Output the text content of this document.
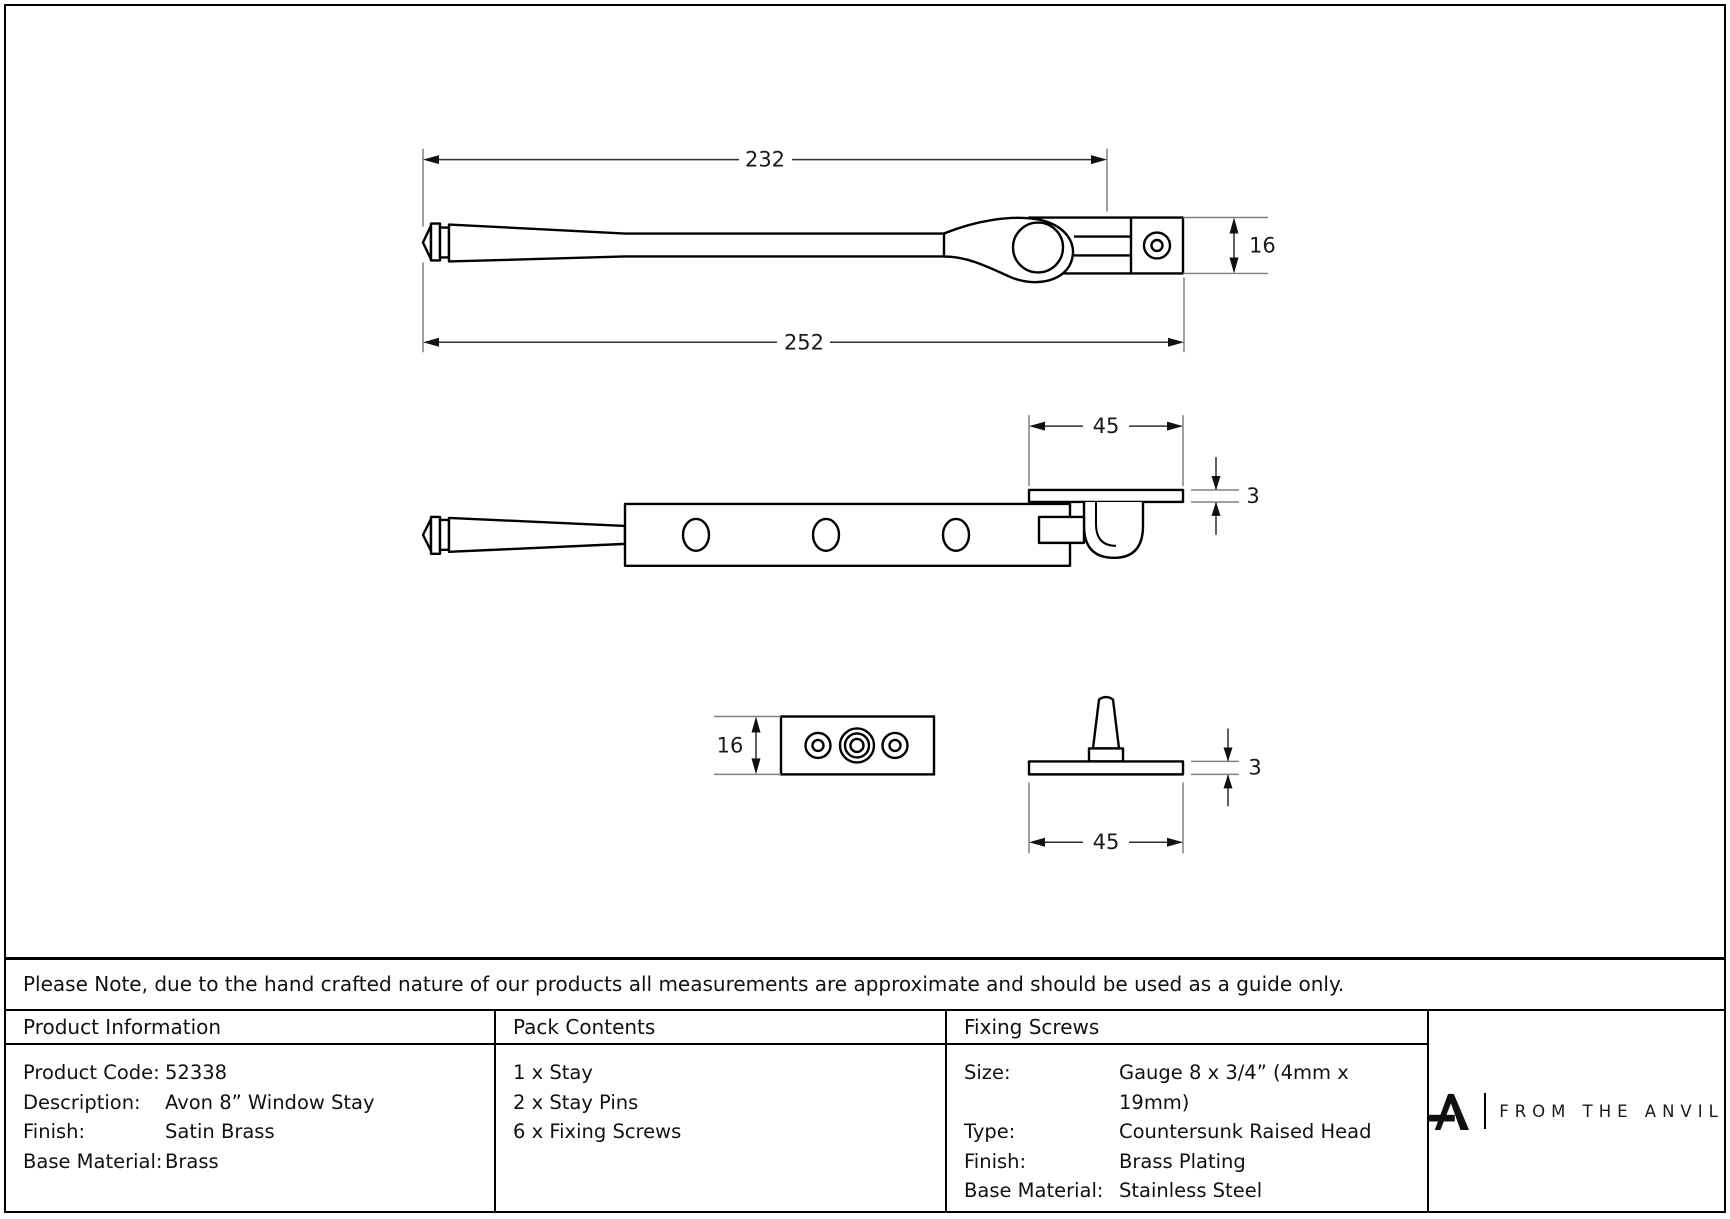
232
252
16
45
3
16
3
45
Please Note, due to the hand crafted nature of our products all measurements are approximate and should be used as a guide only.
Product Information
Product Code: 52338
Description:	Avon 8” Window Stay
Finish:	Satin Brass
Base Material: Brass
Pack Contents
1 x Stay
2 x Stay Pins
6 x Fixing Screws
Fixing Screws
Size:	Gauge 8 x 3/4” (4mm x 19mm)
Type:	Countersunk Raised Head
Finish:	Brass Plating
Base Material: Stainless Steel
FROM THE ANVIL
